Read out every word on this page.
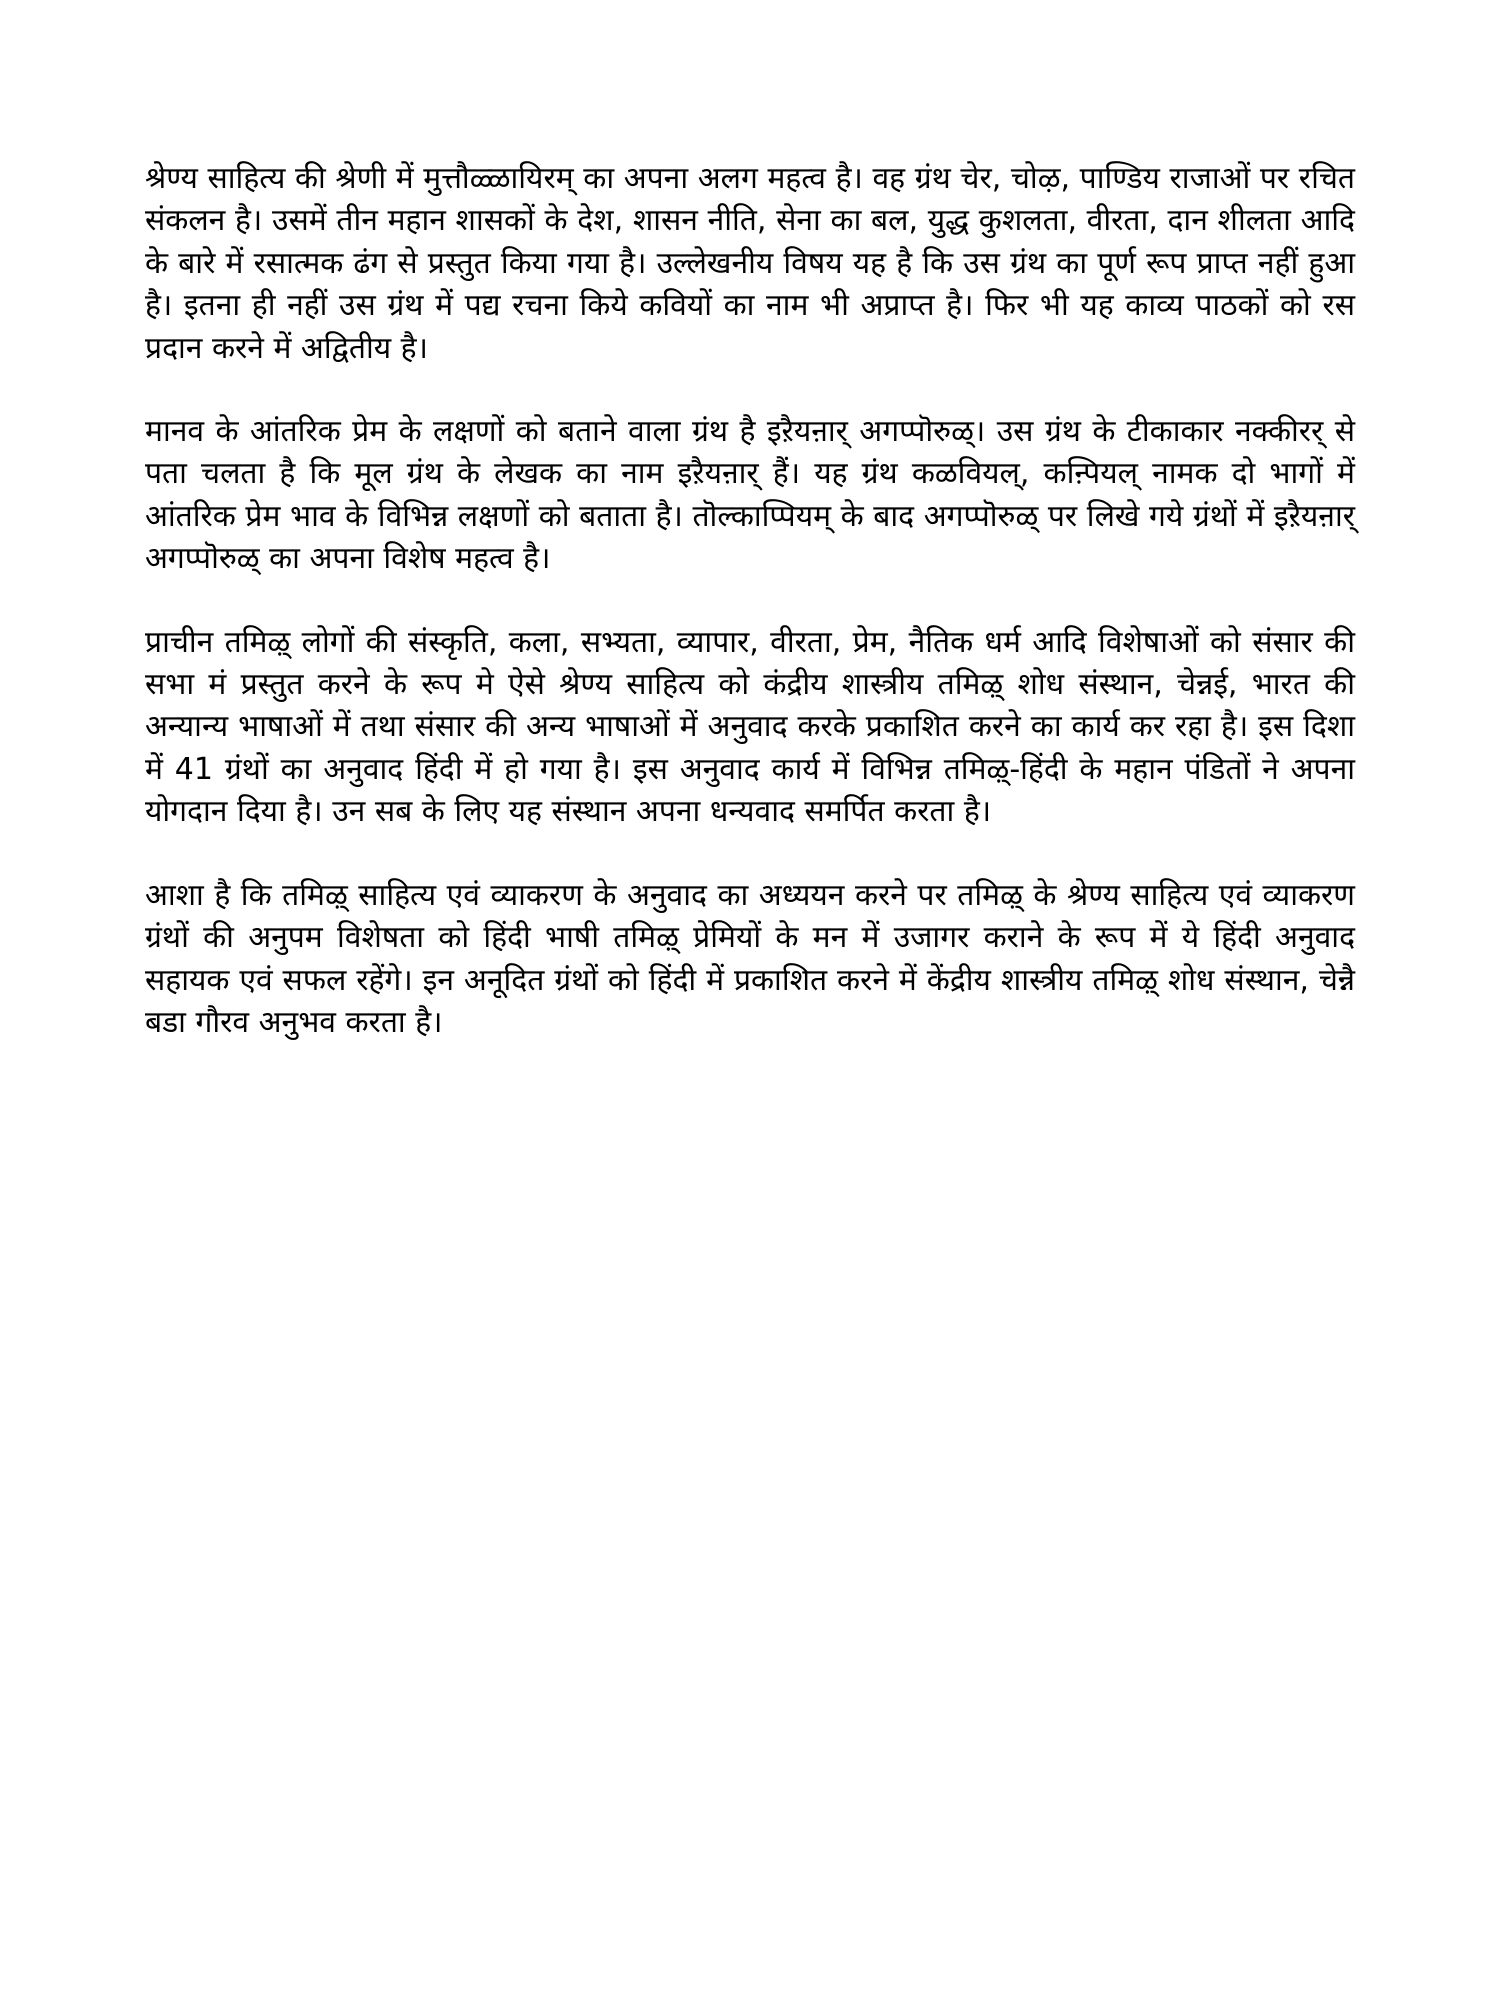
श्रेण्य साहित्य की श्रेणी में मुत्तौळ्ळायिरम् का अपना अलग महत्व है। वह ग्रंथ चेर, चोऴ, पाण्डिय राजाओं पर रचित संकलन है। उसमें तीन महान शासकों के देश, शासन नीति, सेना का बल, युद्ध कुशलता, वीरता, दान शीलता आदि के बारे में रसात्मक ढंग से प्रस्तुत किया गया है। उल्लेखनीय विषय यह है कि उस ग्रंथ का पूर्ण रूप प्राप्त नहीं हुआ है। इतना ही नहीं उस ग्रंथ में पद्य रचना किये कवियों का नाम भी अप्राप्त है। फिर भी यह काव्य पाठकों को रस प्रदान करने में अद्वितीय है।

मानव के आंतरिक प्रेम के लक्षणों को बताने वाला ग्रंथ है इऱैयऩार् अगप्पॊरुळ्। उस ग्रंथ के टीकाकार नक्कीरर् से पता चलता है कि मूल ग्रंथ के लेखक का नाम इऱैयऩार् हैं। यह ग्रंथ कळवियल्, कऩ्पियल् नामक दो भागों में आंतरिक प्रेम भाव के विभिन्न लक्षणों को बताता है। तॊल्काप्पियम् के बाद अगप्पॊरुळ् पर लिखे गये ग्रंथों में इऱैयऩार् अगप्पॊरुळ् का अपना विशेष महत्व है।

प्राचीन तमिऴ् लोगों की संस्कृति, कला, सभ्यता, व्यापार, वीरता, प्रेम, नैतिक धर्म आदि विशेषाओं को संसार की सभा मं प्रस्तुत करने के रूप मे ऐसे श्रेण्य साहित्य को कंद्रीय शास्त्रीय तमिऴ् शोध संस्थान, चेन्नई, भारत की अन्यान्य भाषाओं में तथा संसार की अन्य भाषाओं में अनुवाद करके प्रकाशित करने का कार्य कर रहा है। इस दिशा में 41 ग्रंथों का अनुवाद हिंदी में हो गया है। इस अनुवाद कार्य में विभिन्न तमिऴ्-हिंदी के महान पंडितों ने अपना योगदान दिया है। उन सब के लिए यह संस्थान अपना धन्यवाद समर्पित करता है।

आशा है कि तमिऴ् साहित्य एवं व्याकरण के अनुवाद का अध्ययन करने पर तमिऴ् के श्रेण्य साहित्य एवं व्याकरण ग्रंथों की अनुपम विशेषता को हिंदी भाषी तमिऴ् प्रेमियों के मन में उजागर कराने के रूप में ये हिंदी अनुवाद सहायक एवं सफल रहेंगे। इन अनूदित ग्रंथों को हिंदी में प्रकाशित करने में केंद्रीय शास्त्रीय तमिऴ् शोध संस्थान, चेन्नै बडा गौरव अनुभव करता है।
